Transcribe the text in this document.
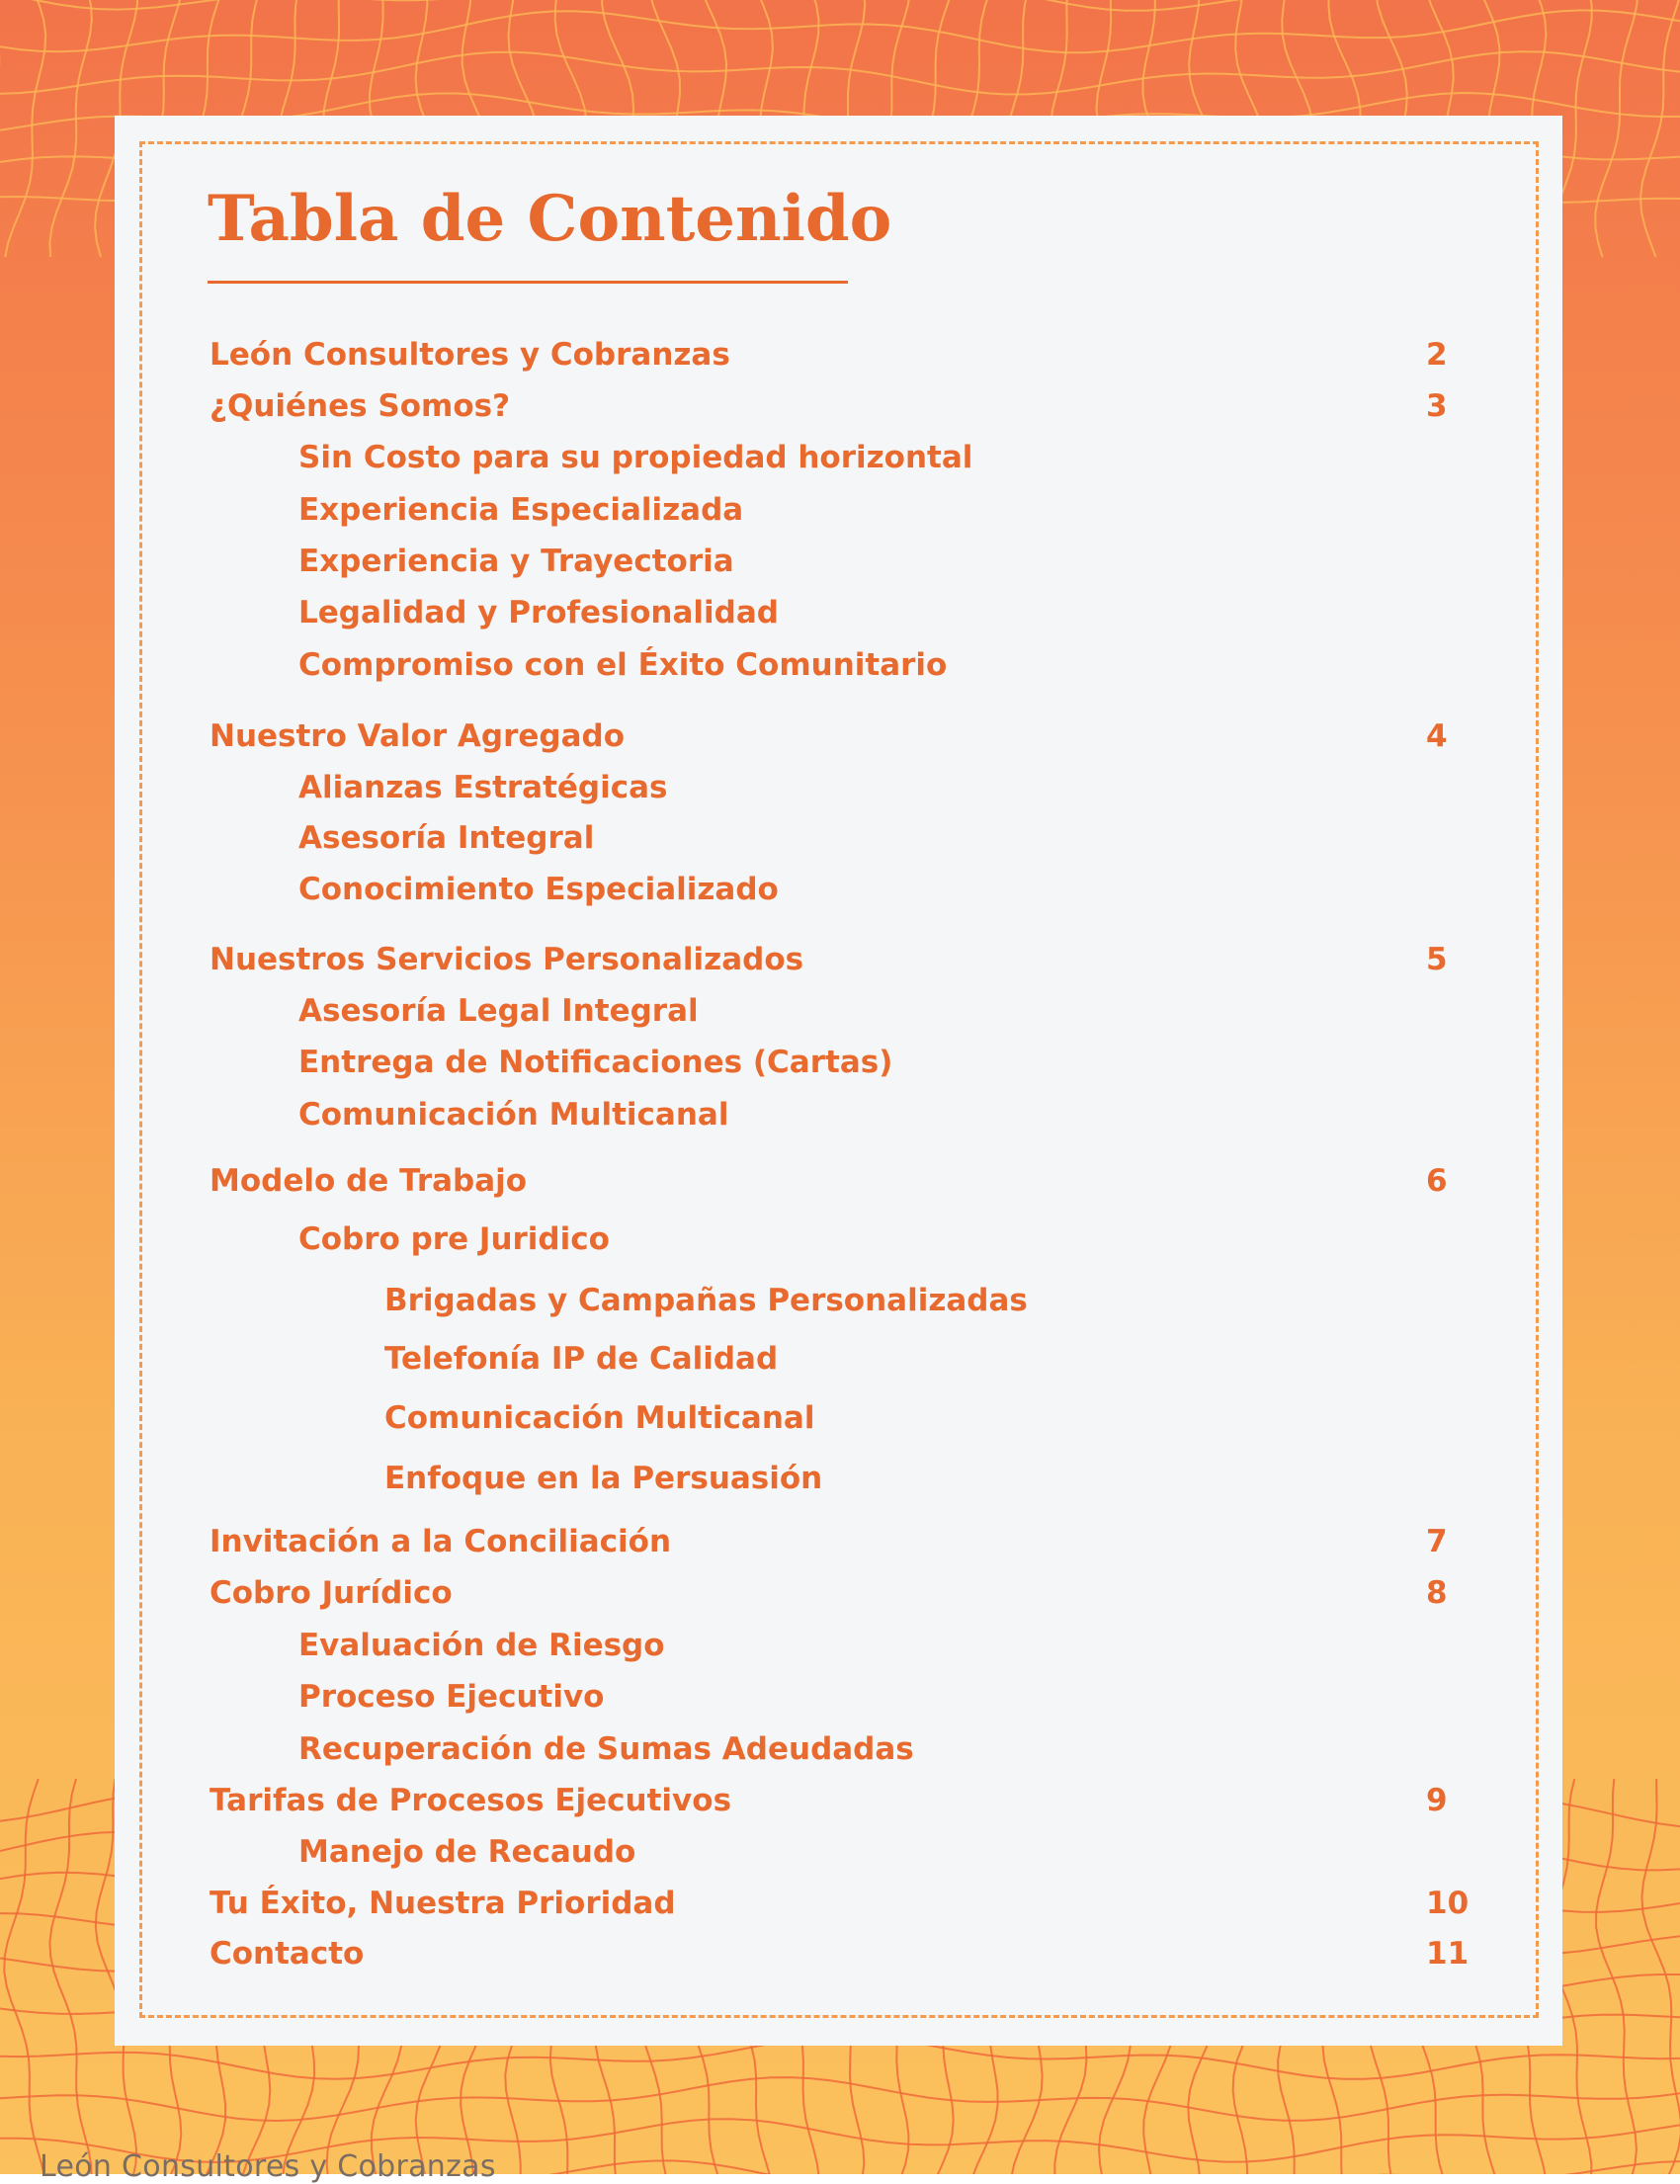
Tabla de Contenido
León Consultores y Cobranzas	2
¿Quiénes Somos?	3
Sin Costo para su propiedad horizontal
Experiencia Especializada
Experiencia y Trayectoria
Legalidad y Profesionalidad
Compromiso con el Éxito Comunitario
Nuestro Valor Agregado	4
Alianzas Estratégicas
Asesoría Integral
Conocimiento Especializado
Nuestros Servicios Personalizados	5
Asesoría Legal Integral
Entrega de Notificaciones (Cartas)
Comunicación Multicanal
Modelo de Trabajo	6
Cobro pre Juridico
Brigadas y Campañas Personalizadas
Telefonía IP de Calidad
Comunicación Multicanal
Enfoque en la Persuasión
Invitación a la Conciliación	7
Cobro Jurídico	8
Evaluación de Riesgo
Proceso Ejecutivo
Recuperación de Sumas Adeudadas
Tarifas de Procesos Ejecutivos	9
Manejo de Recaudo
Tu Éxito, Nuestra Prioridad	10
Contacto	11
León Consultores y Cobranzas
